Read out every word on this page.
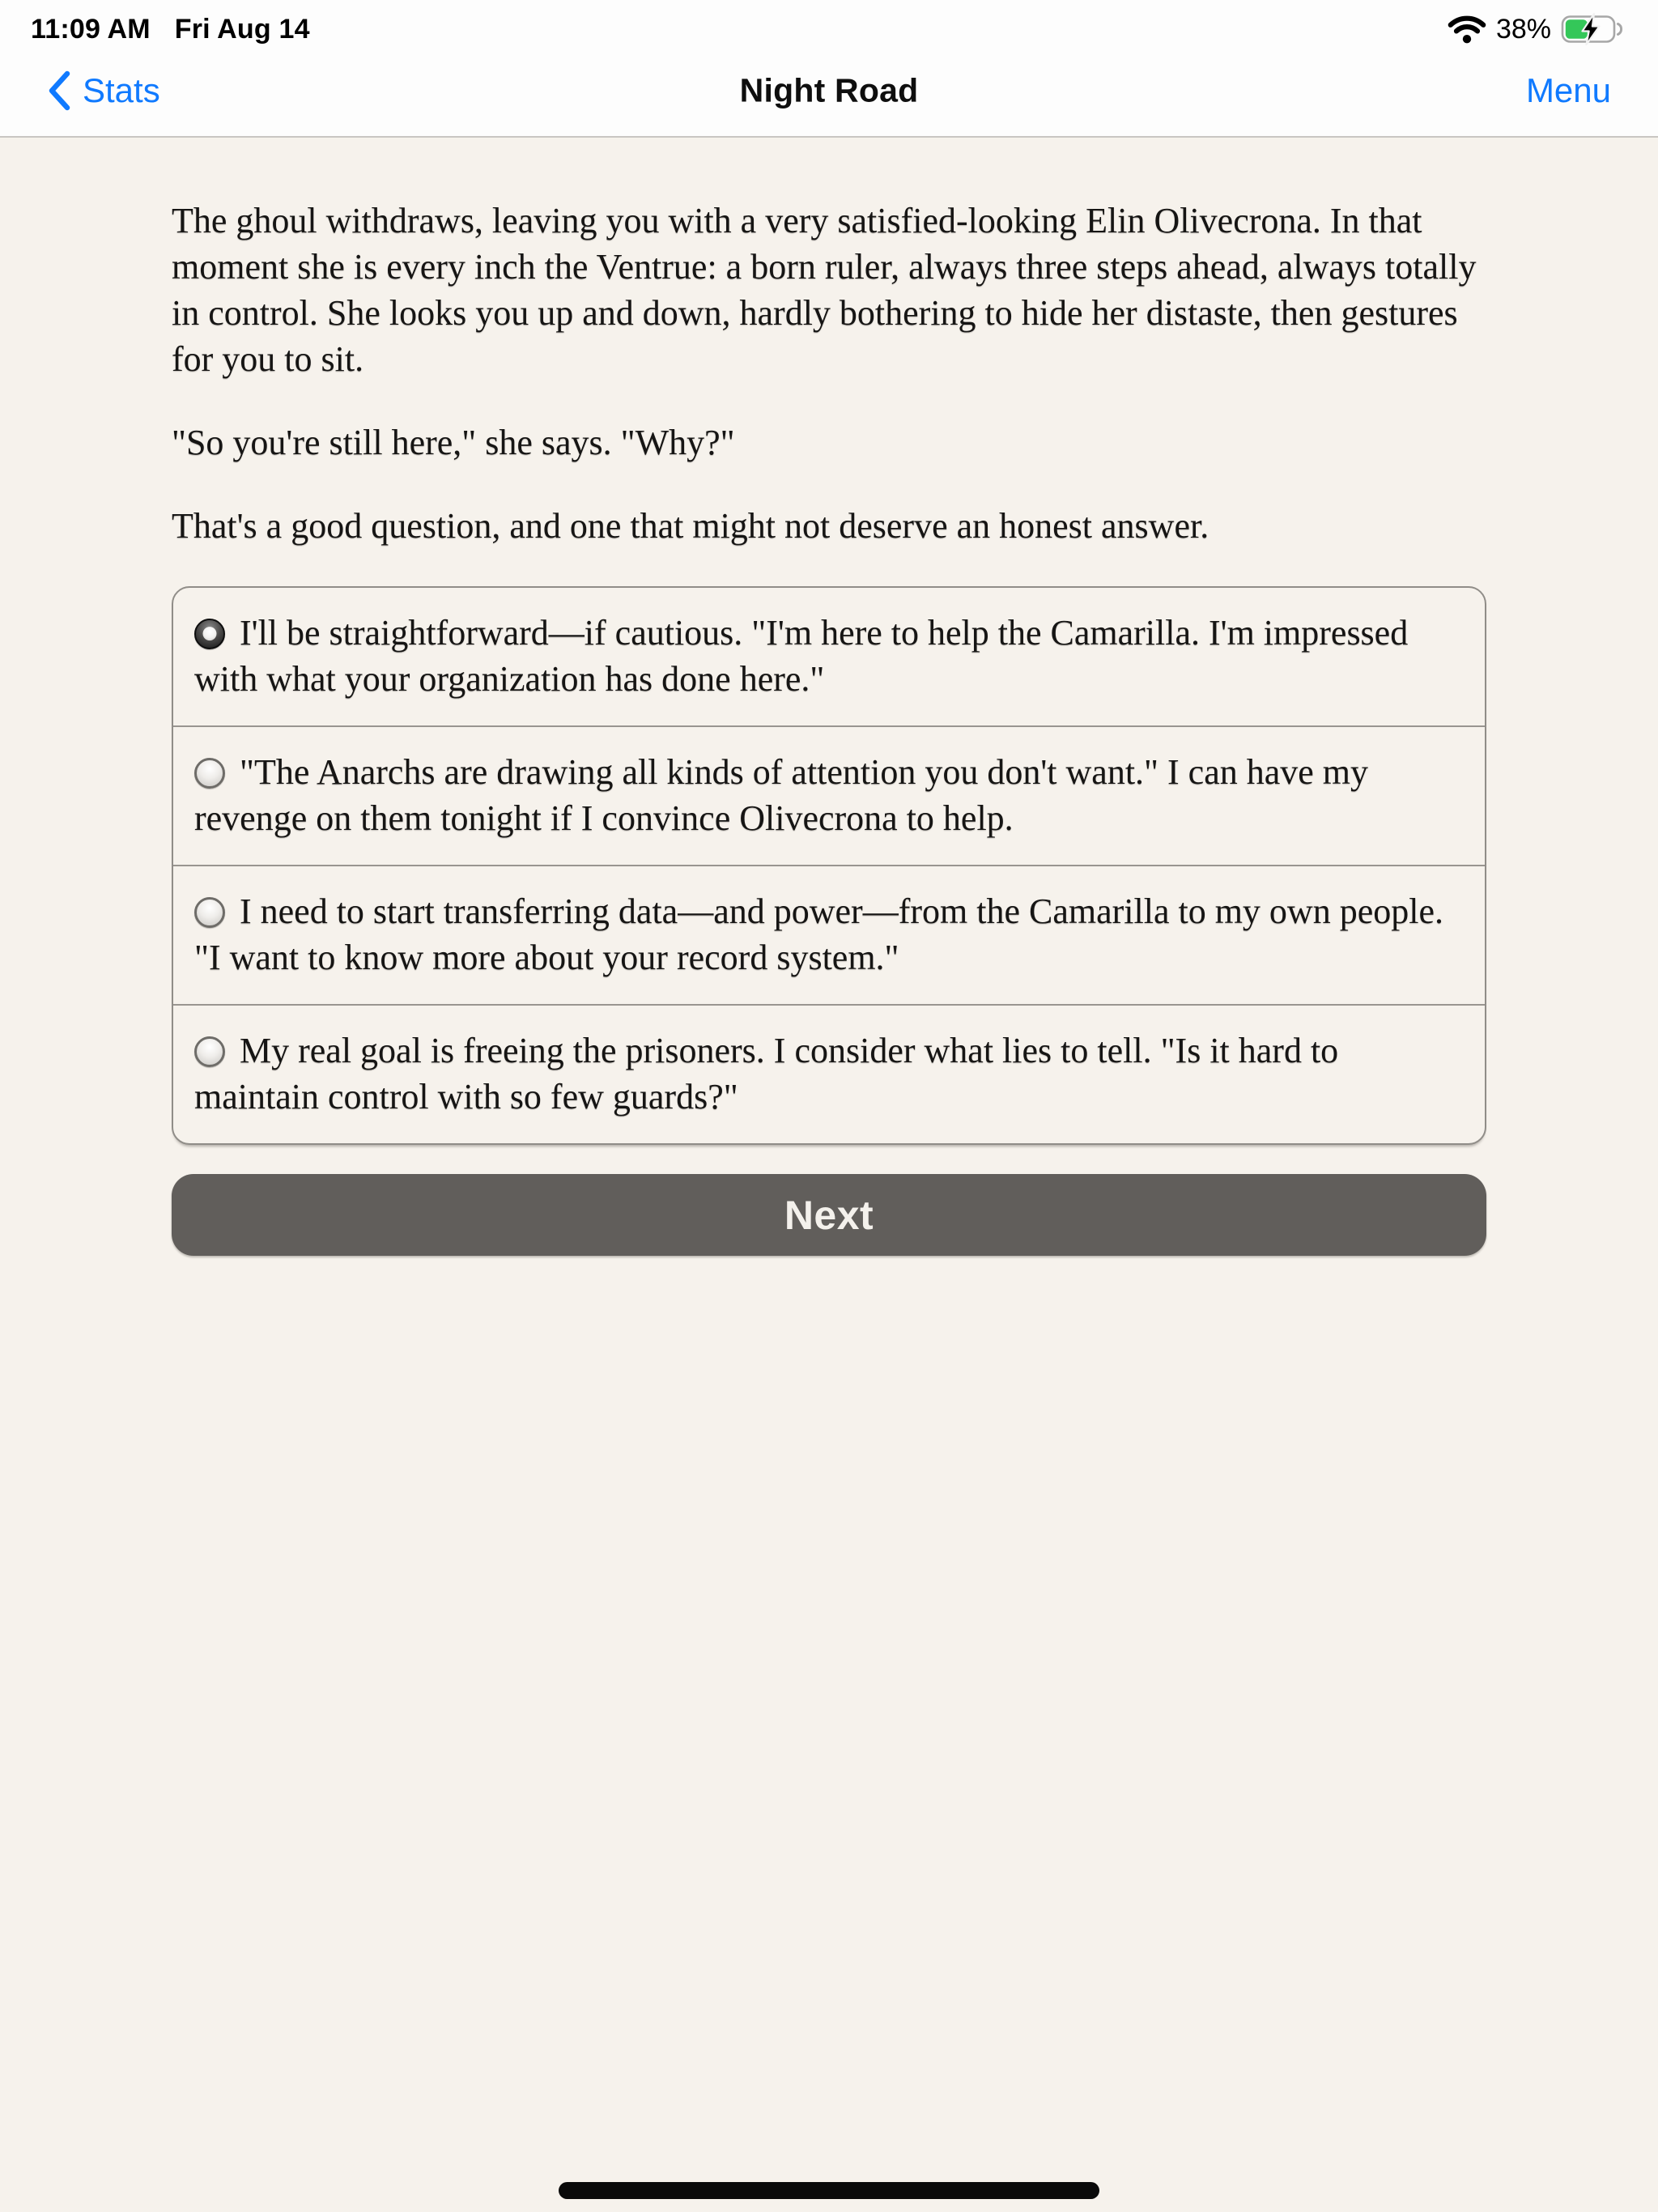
11:09 AM Fri Aug 14	38%
Stats	Night Road	Menu

The ghoul withdraws, leaving you with a very satisfied-looking Elin Olivecrona. In that moment she is every inch the Ventrue: a born ruler, always three steps ahead, always totally in control. She looks you up and down, hardly bothering to hide her distaste, then gestures for you to sit.

"So you're still here," she says. "Why?"

That's a good question, and one that might not deserve an honest answer.

I'll be straightforward—if cautious. "I'm here to help the Camarilla. I'm impressed with what your organization has done here."
"The Anarchs are drawing all kinds of attention you don't want." I can have my revenge on them tonight if I convince Olivecrona to help.
I need to start transferring data—and power—from the Camarilla to my own people. "I want to know more about your record system."
My real goal is freeing the prisoners. I consider what lies to tell. "Is it hard to maintain control with so few guards?"
Next
